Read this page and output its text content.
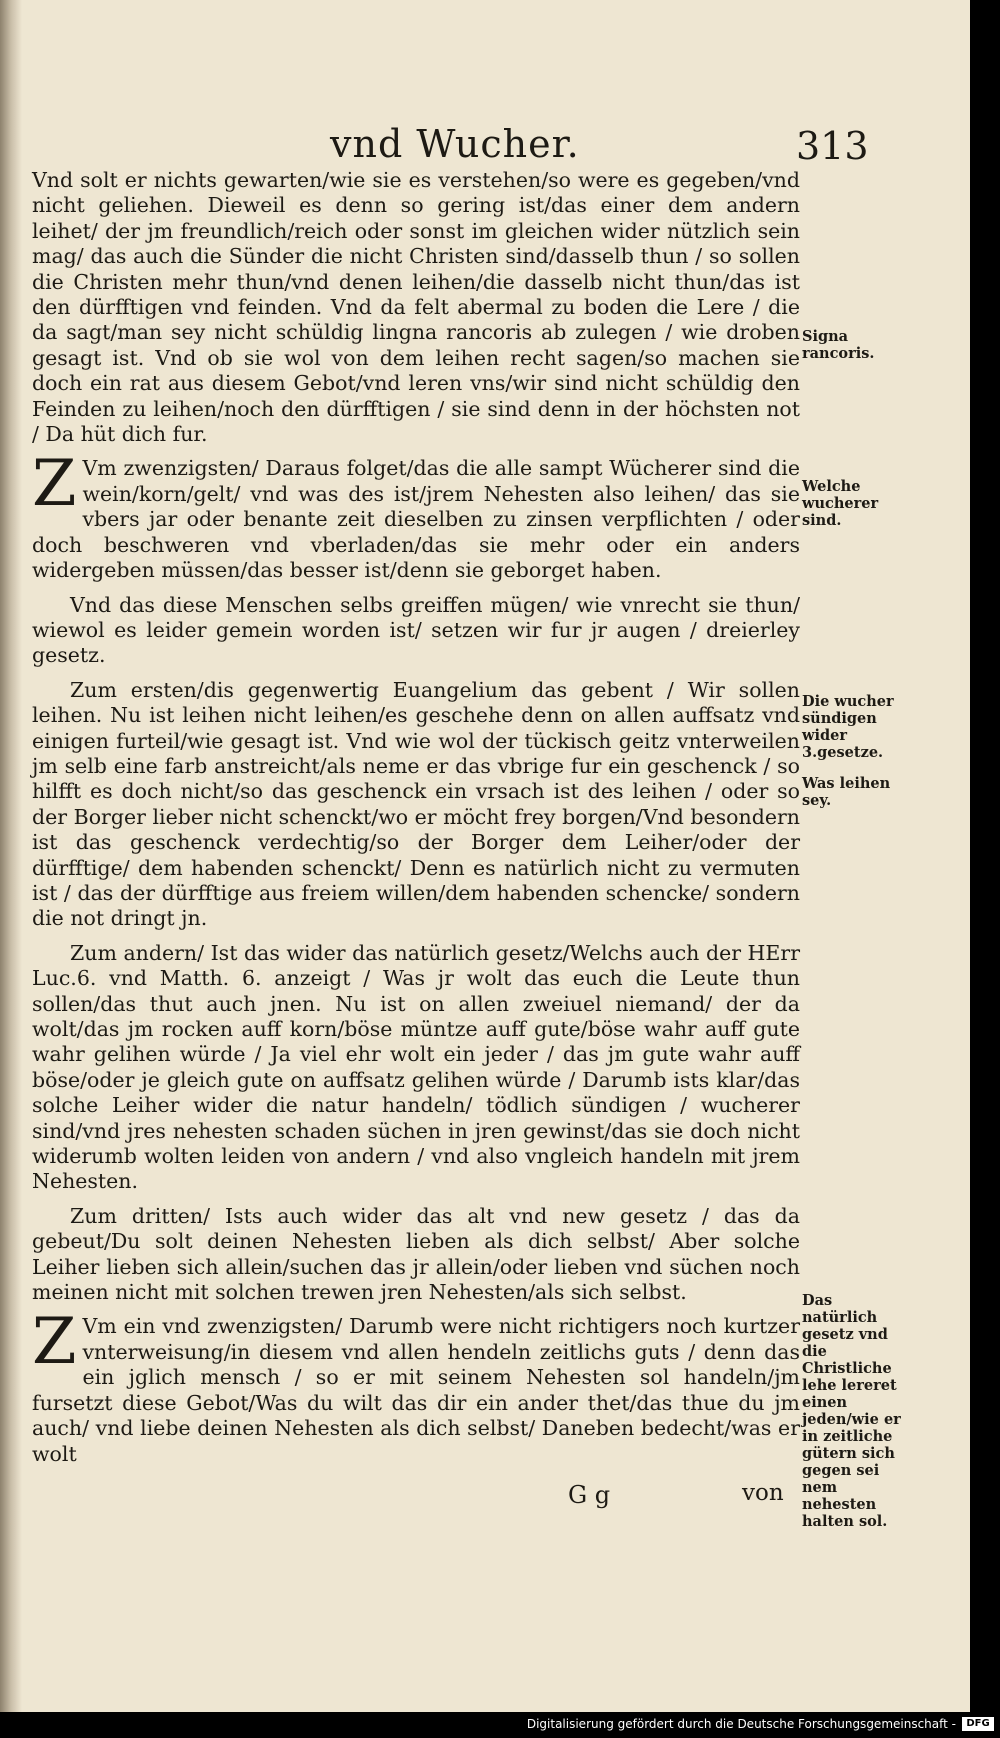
vnd Wucher.	313

Vnd solt er nichts gewarten/wie sie es verstehen/so were es gegeben/vnd nicht geliehen. Dieweil es denn so gering ist/das einer dem andern leihet/ der jm freundlich/reich oder sonst im gleichen wider nützlich sein mag/ das auch die Sünder die nicht Christen sind/dasselb thun / so sollen die Christen mehr thun/vnd denen leihen/die dasselb nicht thun/das ist den dürfftigen vnd feinden. Vnd da felt abermal zu boden die Lere / die da sagt/man sey nicht schüldig lingna rancoris ab zulegen / wie droben gesagt ist. Vnd ob sie wol von dem leihen recht sagen/so machen sie doch ein rat aus diesem Gebot/vnd leren vns/wir sind nicht schüldig den Feinden zu leihen/noch den dürfftigen / sie sind denn in der höchsten not / Da hüt dich fur.

Z Vm zwenzigsten/ Daraus folget/das die alle sampt Wücherer sind die wein/korn/gelt/ vnd was des ist/jrem Nehesten also leihen/ das sie vbers jar oder benante zeit dieselben zu zinsen verpflichten / oder doch beschweren vnd vberladen/das sie mehr oder ein anders widergeben müssen/das besser ist/denn sie geborget haben.

Vnd das diese Menschen selbs greiffen mügen/ wie vnrecht sie thun/ wiewol es leider gemein worden ist/ setzen wir fur jr augen / dreierley gesetz.

Zum ersten/dis gegenwertig Euangelium das gebent / Wir sollen leihen. Nu ist leihen nicht leihen/es geschehe denn on allen auffsatz vnd einigen furteil/wie gesagt ist. Vnd wie wol der tückisch geitz vnterweilen jm selb eine farb anstreicht/als neme er das vbrige fur ein geschenck / so hilfft es doch nicht/so das geschenck ein vrsach ist des leihen / oder so der Borger lieber nicht schenckt/wo er möcht frey borgen/Vnd besondern ist das geschenck verdechtig/so der Borger dem Leiher/oder der dürfftige/ dem habenden schenckt/ Denn es natürlich nicht zu vermuten ist / das der dürfftige aus freiem willen/dem habenden schencke/ sondern die not dringt jn.

Zum andern/ Ist das wider das natürlich gesetz/Welchs auch der HErr Luc.6. vnd Matth. 6. anzeigt / Was jr wolt das euch die Leute thun sollen/das thut auch jnen. Nu ist on allen zweiuel niemand/ der da wolt/das jm rocken auff korn/böse müntze auff gute/böse wahr auff gute wahr gelihen würde / Ja viel ehr wolt ein jeder / das jm gute wahr auff böse/oder je gleich gute on auffsatz gelihen würde / Darumb ists klar/das solche Leiher wider die natur handeln/ tödlich sündigen / wucherer sind/vnd jres nehesten schaden süchen in jren gewinst/das sie doch nicht widerumb wolten leiden von andern / vnd also vngleich handeln mit jrem Nehesten.

Zum dritten/ Ists auch wider das alt vnd new gesetz / das da gebeut/Du solt deinen Nehesten lieben als dich selbst/ Aber solche Leiher lieben sich allein/suchen das jr allein/oder lieben vnd süchen noch meinen nicht mit solchen trewen jren Nehesten/als sich selbst.

Z Vm ein vnd zwenzigsten/ Darumb were nicht richtigers noch kurtzer vnterweisung/in diesem vnd allen hendeln zeitlichs guts / denn das ein jglich mensch / so er mit seinem Nehesten sol handeln/jm fursetzt diese Gebot/Was du wilt das dir ein ander thet/das thue du jm auch/ vnd liebe deinen Nehesten als dich selbst/ Daneben bedecht/was er wolt

Signa rancoris.
Welche wucherer sind.
Die wucher sündigen wider 3.gesetze.
Was leihen sey.
Das natürlich gesetz vnd die Christliche lehe lereret einen jeden/wie er in zeitliche gütern sich gegen sei nem nehesten halten sol.
G g	von
Digitalisierung gefördert durch die Deutsche Forschungsgemeinschaft -	DFG
